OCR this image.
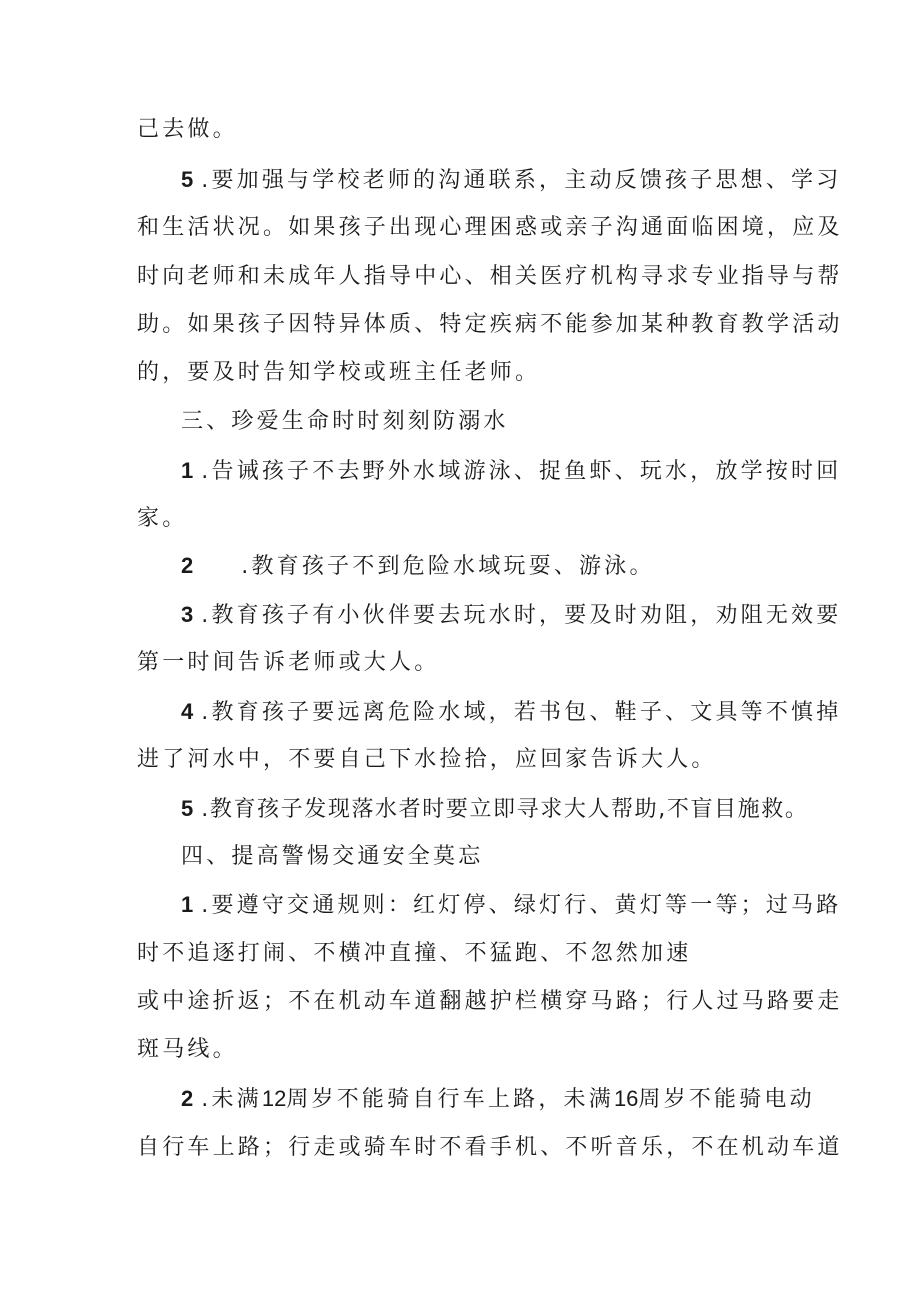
己去做。
5 .要加强与学校老师的沟通联系，主动反馈孩子思想、学习
和生活状况。如果孩子出现心理困惑或亲子沟通面临困境，应及
时向老师和未成年人指导中心、相关医疗机构寻求专业指导与帮
助。如果孩子因特异体质、特定疾病不能参加某种教育教学活动
的，要及时告知学校或班主任老师。
三、珍爱生命时时刻刻防溺水
1 .告诫孩子不去野外水域游泳、捉鱼虾、玩水，放学按时回
家。
2 .教育孩子不到危险水域玩耍、游泳。
3 .教育孩子有小伙伴要去玩水时，要及时劝阻，劝阻无效要
第一时间告诉老师或大人。
4 .教育孩子要远离危险水域，若书包、鞋子、文具等不慎掉
进了河水中，不要自己下水捡拾，应回家告诉大人。
5 .教育孩子发现落水者时要立即寻求大人帮助,不盲目施救。
四、提高警惕交通安全莫忘
1 .要遵守交通规则：红灯停、绿灯行、黄灯等一等；过马路
时不追逐打闹、不横冲直撞、不猛跑、不忽然加速
或中途折返；不在机动车道翻越护栏横穿马路；行人过马路要走
斑马线。
2 .未满12周岁不能骑自行车上路，未满16周岁不能骑电动
自行车上路；行走或骑车时不看手机、不听音乐，不在机动车道
